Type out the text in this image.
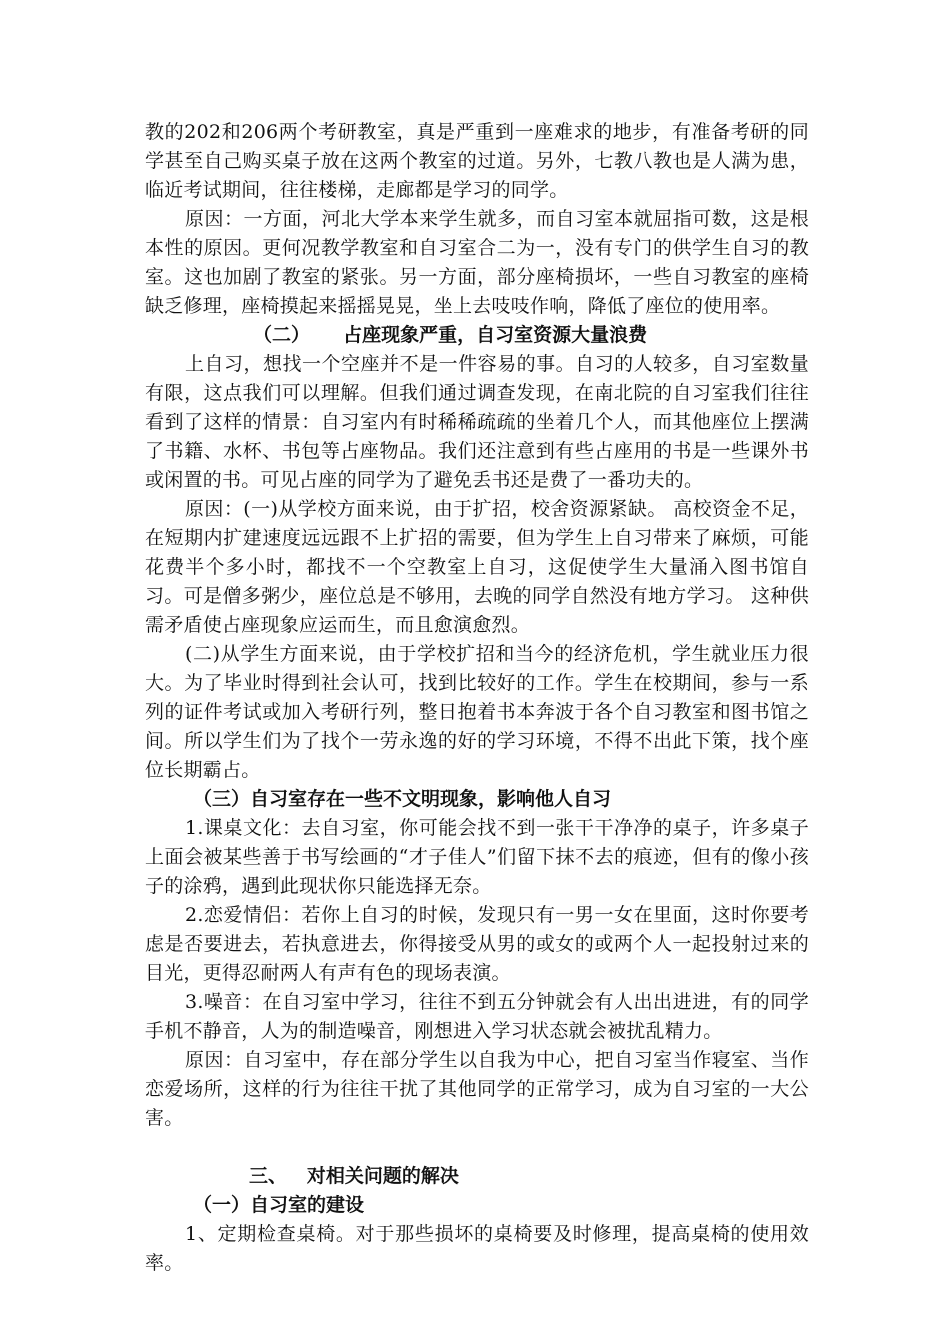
教的202和206两个考研教室，真是严重到一座难求的地步，有准备考研的同学甚至自己购买桌子放在这两个教室的过道。另外，七教八教也是人满为患，临近考试期间，往往楼梯，走廊都是学习的同学。

原因：一方面，河北大学本来学生就多，而自习室本就屈指可数，这是根本性的原因。更何况教学教室和自习室合二为一，没有专门的供学生自习的教室。这也加剧了教室的紧张。另一方面，部分座椅损坏，一些自习教室的座椅缺乏修理，座椅摸起来摇摇晃晃，坐上去吱吱作响，降低了座位的使用率。

（二）     占座现象严重，自习室资源大量浪费

上自习，想找一个空座并不是一件容易的事。自习的人较多，自习室数量有限，这点我们可以理解。但我们通过调查发现，在南北院的自习室我们往往看到了这样的情景：自习室内有时稀稀疏疏的坐着几个人，而其他座位上摆满了书籍、水杯、书包等占座物品。我们还注意到有些占座用的书是一些课外书或闲置的书。可见占座的同学为了避免丢书还是费了一番功夫的。

原因：(一)从学校方面来说，由于扩招，校舍资源紧缺。 高校资金不足，在短期内扩建速度远远跟不上扩招的需要，但为学生上自习带来了麻烦，可能花费半个多小时，都找不一个空教室上自习，这促使学生大量涌入图书馆自习。可是僧多粥少，座位总是不够用，去晚的同学自然没有地方学习。 这种供需矛盾使占座现象应运而生，而且愈演愈烈。

(二)从学生方面来说，由于学校扩招和当今的经济危机，学生就业压力很大。为了毕业时得到社会认可，找到比较好的工作。学生在校期间，参与一系列的证件考试或加入考研行列，整日抱着书本奔波于各个自习教室和图书馆之间。所以学生们为了找个一劳永逸的好的学习环境，不得不出此下策，找个座位长期霸占。

（三）自习室存在一些不文明现象，影响他人自习

1.课桌文化：去自习室，你可能会找不到一张干干净净的桌子，许多桌子上面会被某些善于书写绘画的“才子佳人”们留下抹不去的痕迹，但有的像小孩子的涂鸦，遇到此现状你只能选择无奈。

2.恋爱情侣：若你上自习的时候，发现只有一男一女在里面，这时你要考虑是否要进去，若执意进去，你得接受从男的或女的或两个人一起投射过来的目光，更得忍耐两人有声有色的现场表演。

3.噪音：在自习室中学习，往往不到五分钟就会有人出出进进，有的同学手机不静音，人为的制造噪音，刚想进入学习状态就会被扰乱精力。

原因：自习室中，存在部分学生以自我为中心，把自习室当作寝室、当作恋爱场所，这样的行为往往干扰了其他同学的正常学习，成为自习室的一大公害。

三、   对相关问题的解决

（一）自习室的建设

1、定期检查桌椅。对于那些损坏的桌椅要及时修理，提高桌椅的使用效率。
